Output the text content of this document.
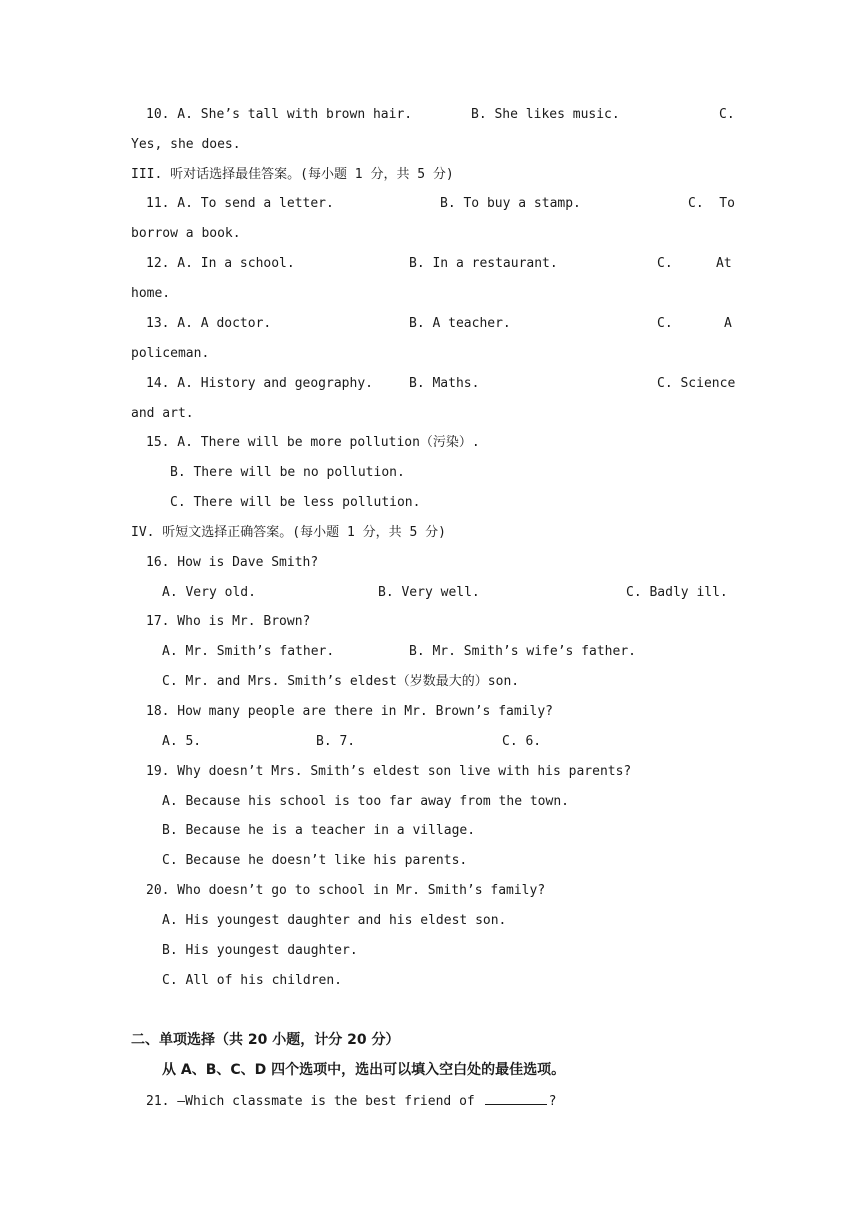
10. A. She’s tall with brown hair.	B. She likes music.	C.
Yes, she does.
III. 听对话选择最佳答案。(每小题 1 分，共 5 分)
11. A. To send a letter.	B. To buy a stamp.	C.  To
borrow a book.
12. A. In a school.	B. In a restaurant.	C.	At
home.
13. A. A doctor.	B. A teacher.	C.	A
policeman.
14. A. History and geography.	B. Maths.	C. Science
and art.
15. A. There will be more pollution（污染）.
B. There will be no pollution.
C. There will be less pollution.
IV. 听短文选择正确答案。(每小题 1 分，共 5 分)
16. How is Dave Smith?
A. Very old.	B. Very well.	C. Badly ill.
17. Who is Mr. Brown?
A. Mr. Smith’s father.	B. Mr. Smith’s wife’s father.
C. Mr. and Mrs. Smith’s eldest（岁数最大的）son.
18. How many people are there in Mr. Brown’s family?
A. 5.	B. 7.	C. 6.
19. Why doesn’t Mrs. Smith’s eldest son live with his parents?
A. Because his school is too far away from the town.
B. Because he is a teacher in a village.
C. Because he doesn’t like his parents.
20. Who doesn’t go to school in Mr. Smith’s family?
A. His youngest daughter and his eldest son.
B. His youngest daughter.
C. All of his children.
二、单项选择（共 20 小题，计分 20 分）
从 A、B、C、D 四个选项中，选出可以填入空白处的最佳选项。
21. —Which classmate is the best friend of	?
